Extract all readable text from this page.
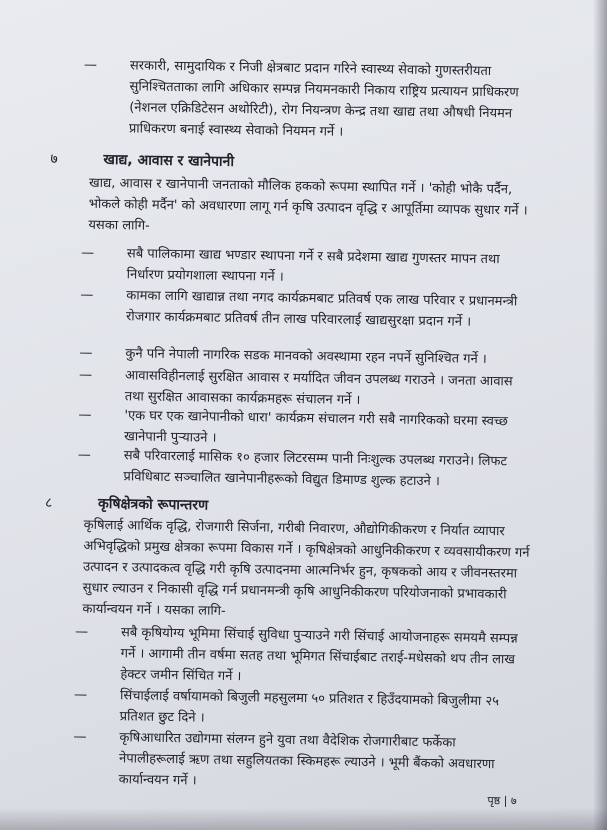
—	सरकारी, सामुदायिक र निजी क्षेत्रबाट प्रदान गरिने स्वास्थ्य सेवाको गुणस्तरीयता सुनिश्चितताका लागि अधिकार सम्पन्न नियमनकारी निकाय राष्ट्रिय प्रत्यायन प्राधिकरण (नेशनल एक्रिडिटेसन अथोरिटी), रोग नियन्त्रण केन्द्र तथा खाद्य तथा औषधी नियमन प्राधिकरण बनाई स्वास्थ्य सेवाको नियमन गर्ने ।

७	खाद्य, आवास र खानेपानी

खाद्य, आवास र खानेपानी जनताको मौलिक हकको रूपमा स्थापित गर्ने । 'कोही भोकै पर्दैन, भोकले कोही मर्दैन' को अवधारणा लागू गर्न कृषि उत्पादन वृद्धि र आपूर्तिमा व्यापक सुधार गर्ने । यसका लागि-

—	सबै पालिकामा खाद्य भण्डार स्थापना गर्ने र सबै प्रदेशमा खाद्य गुणस्तर मापन तथा निर्धारण प्रयोगशाला स्थापना गर्ने ।

—	कामका लागि खाद्यान्न तथा नगद कार्यक्रमबाट प्रतिवर्ष एक लाख परिवार र प्रधानमन्त्री रोजगार कार्यक्रमबाट प्रतिवर्ष तीन लाख परिवारलाई खाद्यसुरक्षा प्रदान गर्ने ।

—	कुनै पनि नेपाली नागरिक सडक मानवको अवस्थामा रहन नपर्ने सुनिश्चित गर्ने ।

—	आवासविहीनलाई सुरक्षित आवास र मर्यादित जीवन उपलब्ध गराउने । जनता आवास तथा सुरक्षित आवासका कार्यक्रमहरू संचालन गर्ने ।

—	'एक घर एक खानेपानीको धारा' कार्यक्रम संचालन गरी सबै नागरिकको घरमा स्वच्छ खानेपानी पुऱ्याउने ।

—	सबै परिवारलाई मासिक १० हजार लिटरसम्म पानी निःशुल्क उपलब्ध गराउने। लिफट प्रविधिबाट सञ्चालित खानेपानीहरूको विद्युत डिमाण्ड शुल्क हटाउने ।

८	कृषिक्षेत्रको रूपान्तरण

कृषिलाई आर्थिक वृद्धि, रोजगारी सिर्जना, गरीबी निवारण, औद्योगिकीकरण र निर्यात व्यापार अभिवृद्धिको प्रमुख क्षेत्रका रूपमा विकास गर्ने । कृषिक्षेत्रको आधुनिकीकरण र व्यवसायीकरण गर्न उत्पादन र उत्पादकत्व वृद्धि गरी कृषि उत्पादनमा आत्मनिर्भर हुन, कृषकको आय र जीवनस्तरमा सुधार ल्याउन र निकासी वृद्धि गर्न प्रधानमन्त्री कृषि आधुनिकीकरण परियोजनाको प्रभावकारी कार्यान्वयन गर्ने । यसका लागि-

—	सबै कृषियोग्य भूमिमा सिंचाई सुविधा पुऱ्याउने गरी सिंचाई आयोजनाहरू समयमै सम्पन्न गर्ने । आगामी तीन वर्षमा सतह तथा भूमिगत सिंचाईबाट तराई-मधेसको थप तीन लाख हेक्टर जमीन सिंचित गर्ने ।

—	सिंचाईलाई वर्षायामको बिजुली महसुलमा ५० प्रतिशत र हिउँदयामको बिजुलीमा २५ प्रतिशत छुट दिने ।

—	कृषिआधारित उद्योगमा संलग्न हुने युवा तथा वैदेशिक रोजगारीबाट फर्केका नेपालीहरूलाई ऋण तथा सहुलियतका स्किमहरू ल्याउने । भूमी बैंकको अवधारणा कार्यान्वयन गर्ने ।

पृष्ठ | ७
